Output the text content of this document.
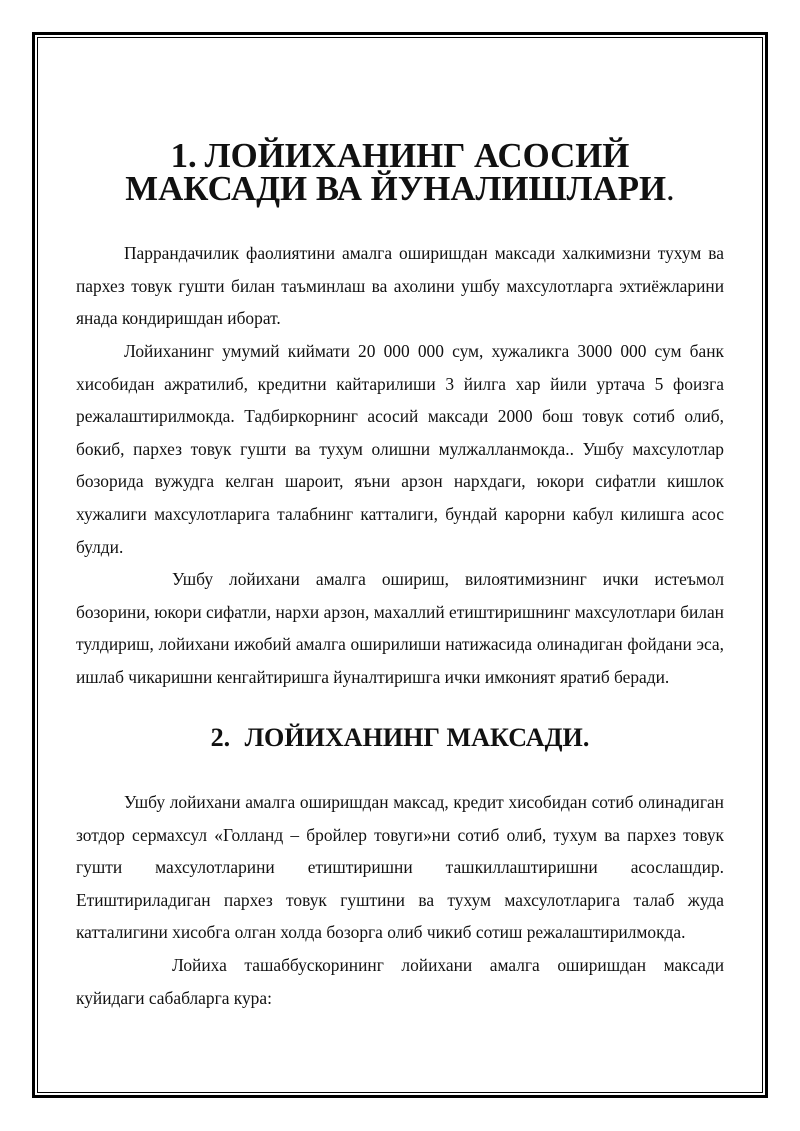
1. ЛОЙИХАНИНГ АСОСИЙ МАКСАДИ ВА ЙУНАЛИШЛАРИ.

Паррандачилик фаолиятини амалга оширишдан максади халкимизни тухум ва пархез товук гушти билан таъминлаш ва ахолини ушбу махсулотларга эхтиёжларини янада кондиришдан иборат.

Лойиханинг умумий киймати 20 000 000 сум, хужаликга 3000 000 сум банк хисобидан ажратилиб, кредитни кайтарилиши 3 йилга хар йили уртача 5 фоизга режалаштирилмокда. Тадбиркорнинг асосий максади 2000 бош товук сотиб олиб, бокиб, пархез товук гушти ва тухум олишни мулжалланмокда.. Ушбу махсулотлар бозорида вужудга келган шароит, яъни арзон нархдаги, юкори сифатли кишлок хужалиги махсулотларига талабнинг катталиги, бундай карорни кабул килишга асос булди.

Ушбу лойихани амалга ошириш, вилоятимизнинг ички истеъмол бозорини, юкори сифатли, нархи арзон, махаллий етиштиришнинг махсулотлари билан тулдириш, лойихани ижобий амалга оширилиши натижасида олинадиган фойдани эса, ишлаб чикаришни кенгайтиришга йуналтиришга ички имконият яратиб беради.

2. ЛОЙИХАНИНГ МАКСАДИ.

Ушбу лойихани амалга оширишдан максад, кредит хисобидан сотиб олинадиган зотдор сермахсул «Голланд – бройлер товуги»ни сотиб олиб, тухум ва пархез товук гушти махсулотларини етиштиришни ташкиллаштиришни асослашдир. Етиштириладиган пархез товук гуштини ва тухум махсулотларига талаб жуда катталигини хисобга олган холда бозорга олиб чикиб сотиш режалаштирилмокда.

Лойиха ташаббускорининг лойихани амалга оширишдан максади куйидаги сабабларга кура:
